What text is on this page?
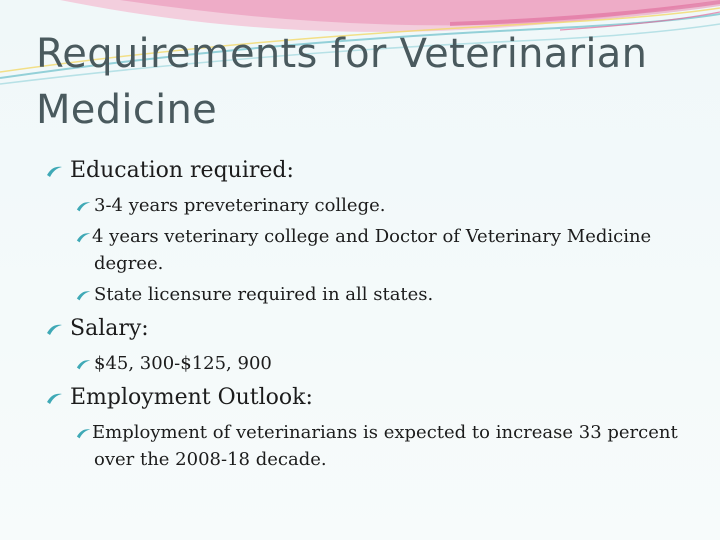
Requirements for Veterinarian
Medicine
Education required:
3-4 years preveterinary college.
4 years veterinary college and Doctor of Veterinary Medicine degree.
State licensure required in all states.
Salary:
$45, 300-$125, 900
Employment Outlook:
Employment of veterinarians is expected to increase 33 percent over the 2008-18 decade.
